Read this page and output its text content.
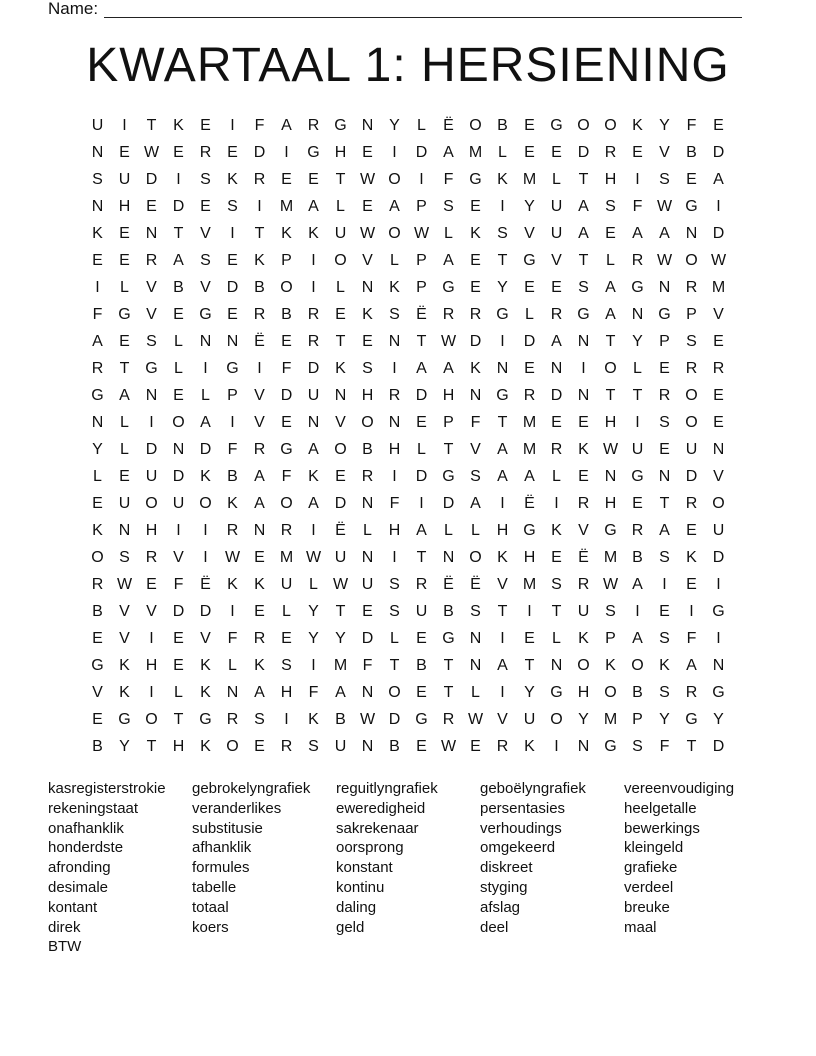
Name:
KWARTAAL 1: HERSIENING
U	I	T	K	E	I	F	A R G N Y	L	Ë O B	E G O O K	Y	F	E
N E W E R E D	I	G H E	I	D A M L	E	E D R E	V	B D
S U D	I	S	K R E	E	T W O	I	F G K M L	T	H	I	S	E	A
N H E D E	S	I	M A	L	E	A	P	S	E	I	Y U A	S	F W G	I
K	E N	T	V	I	T	K	K U W O W L	K	S	V U A	E	A	A N D
E	E R A	S	E	K	P	I	O V	L	P	A	E	T G V	T	L	R W O W
I	L	V	B	V D B O	I	L	N K	P G E	Y	E	E	S	A G N R M
F G V	E G E R B R E	K	S	Ë R R G	L	R G A N G P	V
A	E	S	L	N N Ë	E R	T	E N	T W D	I	D A N	T	Y	P	S	E
R	T G	L	I	G	I	F	D K	S	I	A	A	K N E N	I	O	L	E R R
G A N E	L	P	V D U N H R D H N G R D N	T	T	R O E
N	L	I	O A	I	V	E N V O N E	P	F	T M E	E H	I	S O E
Y	L	D N D	F	R G A O B H	L	T	V	A M R K W U E U N
L	E U D K	B	A	F	K	E R	I	D G S	A	A	L	E N G N D V
E U O U O K	A O A D N	F	I	D A	I	Ë	I	R H E	T	R O
K N H	I	I	R N R	I	Ë	L	H A	L	L	H G K	V G R A	E U
O S R V	I	W E M W U N	I	T	N O K H E	Ë M B	S	K D
R W E	F	Ë	K	K U	L W U S R Ë	Ë	V M S R W A	I	E	I
B	V	V D D	I	E	L	Y	T	E	S U B	S	T	I	T	U S	I	E	I	G
E	V	I	E	V	F	R E	Y	Y D	L	E G N	I	E	L	K	P	A	S	F	I
G K H E	K	L	K	S	I	M F	T	B	T	N A	T	N O K O K	A N
V	K	I	L	K N A H	F	A N O E	T	L	I	Y G H O B	S R G
E G O T G R S	I	K	B W D G R W V U O Y M P	Y G Y
B	Y	T	H K O E R S U N B	E W E R K	I	N G S	F	T	D
kasregisterstrokie
rekeningstaat
onafhanklik
honderdste
afronding
desimale
kontant
direk
BTW
gebrokelyngrafiek
veranderlikes
substitusie
afhanklik
formules
tabelle
totaal
koers
reguitlyngrafiek
eweredigheid
sakrekenaar
oorsprong
konstant
kontinu
daling
geld
geboëlyngrafiek
persentasies
verhoudings
omgekeerd
diskreet
styging
afslag
deel
vereenvoudiging
heelgetalle
bewerkings
kleingeld
grafieke
verdeel
breuke
maal
